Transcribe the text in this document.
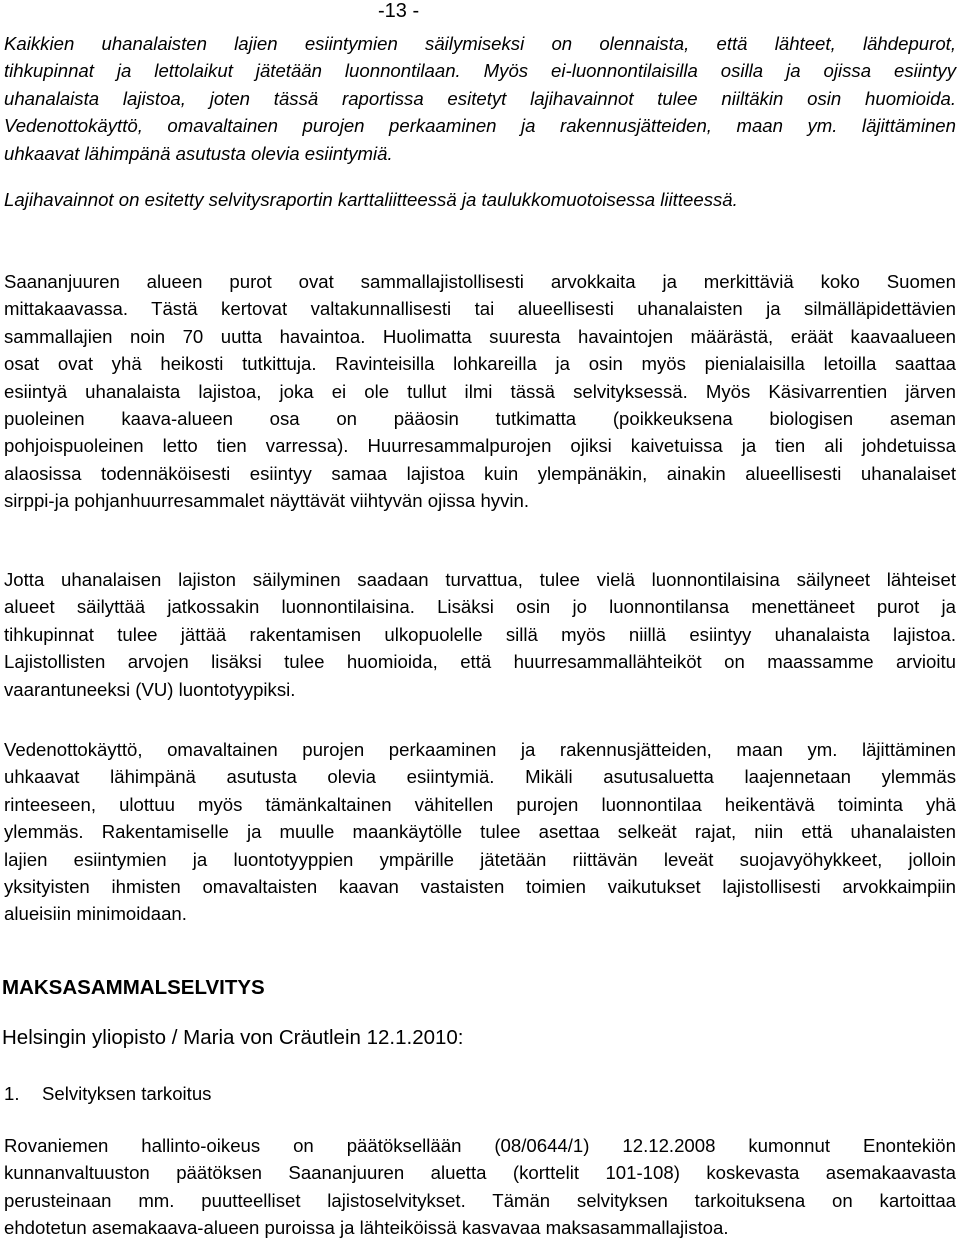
-13 -

Kaikkien uhanalaisten lajien esiintymien säilymiseksi on olennaista, että lähteet, lähdepurot,
tihkupinnat ja lettolaikut jätetään luonnontilaan. Myös ei-luonnontilaisilla osilla ja ojissa esiintyy
uhanalaista lajistoa, joten tässä raportissa esitetyt lajihavainnot tulee niiltäkin osin huomioida.
Vedenottokäyttö, omavaltainen purojen perkaaminen ja rakennusjätteiden, maan ym. läjittäminen
uhkaavat lähimpänä asutusta olevia esiintymiä.

Lajihavainnot on esitetty selvitysraportin karttaliitteessä ja taulukkomuotoisessa liitteessä.

Saananjuuren alueen purot ovat sammallajistollisesti arvokkaita ja merkittäviä koko Suomen
mittakaavassa. Tästä kertovat valtakunnallisesti tai alueellisesti uhanalaisten ja silmälläpidettävien
sammallajien noin 70 uutta havaintoa. Huolimatta suuresta havaintojen määrästä, eräät kaavaalueen
osat ovat yhä heikosti tutkittuja. Ravinteisilla lohkareilla ja osin myös pienialaisilla letoilla saattaa
esiintyä uhanalaista lajistoa, joka ei ole tullut ilmi tässä selvityksessä. Myös Käsivarrentien järven
puoleinen kaava-alueen osa on pääosin tutkimatta (poikkeuksena biologisen aseman
pohjoispuoleinen letto tien varressa). Huurresammalpurojen ojiksi kaivetuissa ja tien ali johdetuissa
alaosissa todennäköisesti esiintyy samaa lajistoa kuin ylempänäkin, ainakin alueellisesti uhanalaiset
sirppi-ja pohjanhuurresammalet näyttävät viihtyvän ojissa hyvin.

Jotta uhanalaisen lajiston säilyminen saadaan turvattua, tulee vielä luonnontilaisina säilyneet lähteiset
alueet säilyttää jatkossakin luonnontilaisina. Lisäksi osin jo luonnontilansa menettäneet purot ja
tihkupinnat tulee jättää rakentamisen ulkopuolelle sillä myös niillä esiintyy uhanalaista lajistoa.
Lajistollisten arvojen lisäksi tulee huomioida, että huurresammallähteiköt on maassamme arvioitu
vaarantuneeksi (VU) luontotyypiksi.

Vedenottokäyttö, omavaltainen purojen perkaaminen ja rakennusjätteiden, maan ym. läjittäminen
uhkaavat lähimpänä asutusta olevia esiintymiä. Mikäli asutusaluetta laajennetaan ylemmäs
rinteeseen, ulottuu myös tämänkaltainen vähitellen purojen luonnontilaa heikentävä toiminta yhä
ylemmäs. Rakentamiselle ja muulle maankäytölle tulee asettaa selkeät rajat, niin että uhanalaisten
lajien esiintymien ja luontotyyppien ympärille jätetään riittävän leveät suojavyöhykkeet, jolloin
yksityisten ihmisten omavaltaisten kaavan vastaisten toimien vaikutukset lajistollisesti arvokkaimpiin
alueisiin minimoidaan.

MAKSASAMMALSELVITYS

Helsingin yliopisto / Maria von Cräutlein 12.1.2010:

1. Selvityksen tarkoitus

Rovaniemen hallinto-oikeus on päätöksellään (08/0644/1) 12.12.2008 kumonnut Enontekiön
kunnanvaltuuston päätöksen Saananjuuren aluetta (korttelit 101-108) koskevasta asemakaavasta
perusteinaan mm. puutteelliset lajistoselvitykset. Tämän selvityksen tarkoituksena on kartoittaa
ehdotetun asemakaava-alueen puroissa ja lähteiköissä kasvavaa maksasammallajistoa.
